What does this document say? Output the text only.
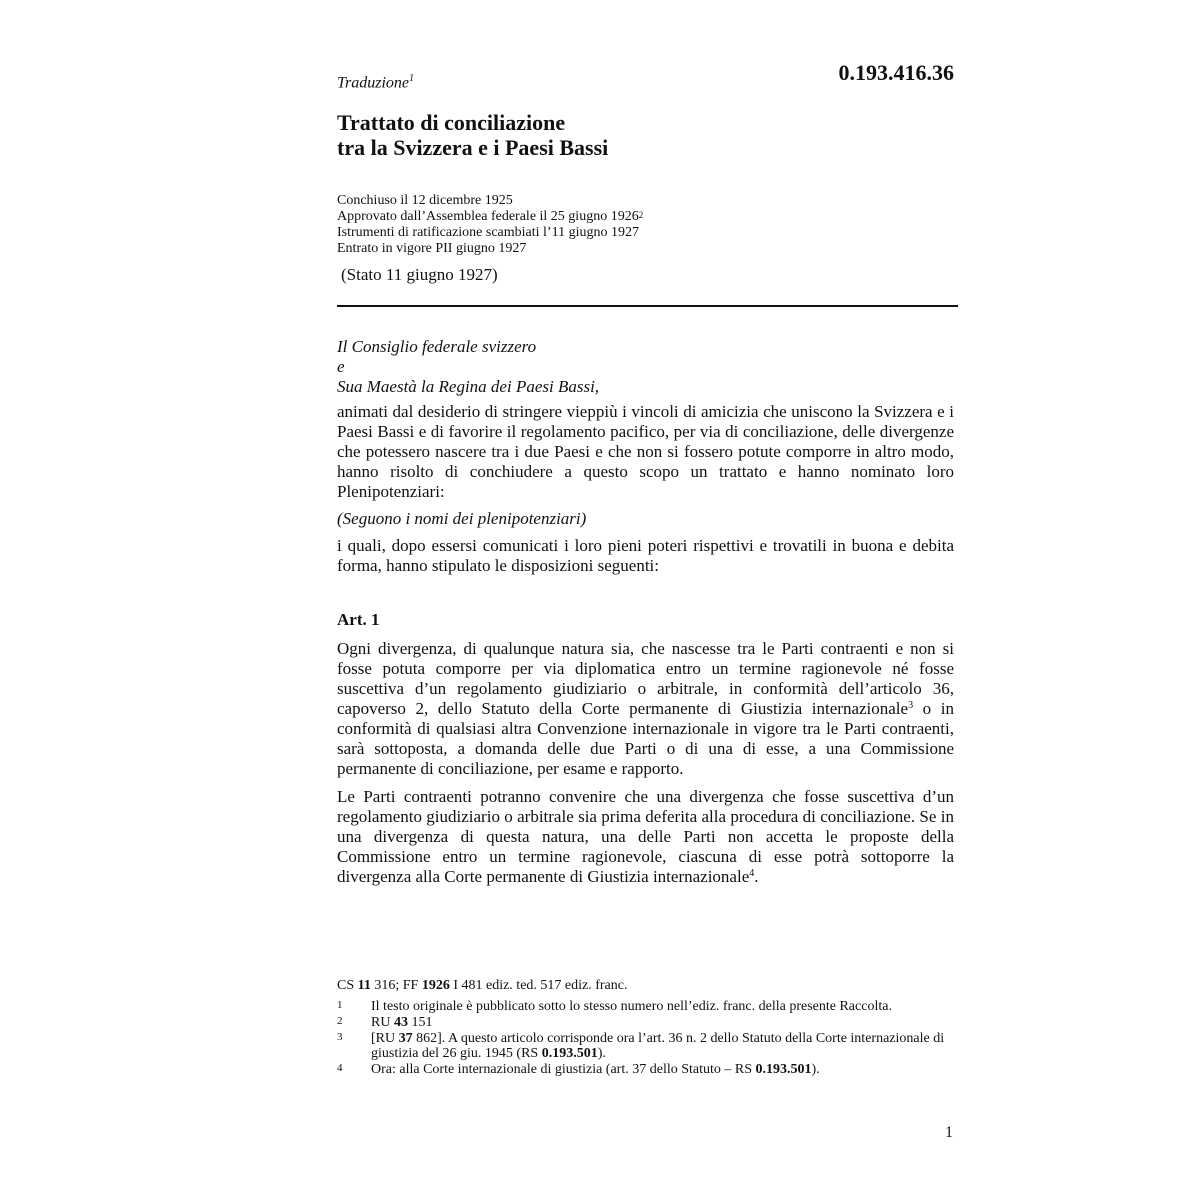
0.193.416.36
Traduzione$^1$
Trattato di conciliazione
tra la Svizzera e i Paesi Bassi
Conchiuso il 12 dicembre 1925
Approvato dall’Assemblea federale il 25 giugno 1926$^2$
Istrumenti di ratificazione scambiati l’11 giugno 1927
Entrato in vigore PII giugno 1927
(Stato 11 giugno 1927)
Il Consiglio federale svizzero
e
Sua Maestà la Regina dei Paesi Bassi,

animati dal desiderio di stringere vieppiù i vincoli di amicizia che uniscono la Svizzera e i Paesi Bassi e di favorire il regolamento pacifico, per via di conciliazione, delle divergenze che potessero nascere tra i due Paesi e che non si fossero potute comporre in altro modo, hanno risolto di conchiudere a questo scopo un trattato e hanno nominato loro Plenipotenziari:

(Seguono i nomi dei plenipotenziari)

i quali, dopo essersi comunicati i loro pieni poteri rispettivi e trovatili in buona e debita forma, hanno stipulato le disposizioni seguenti:

Art. 1

Ogni divergenza, di qualunque natura sia, che nascesse tra le Parti contraenti e non si fosse potuta comporre per via diplomatica entro un termine ragionevole né fosse suscettiva d’un regolamento giudiziario o arbitrale, in conformità dell’articolo 36, capoverso 2, dello Statuto della Corte permanente di Giustizia internazionale$^3$ o in conformità di qualsiasi altra Convenzione internazionale in vigore tra le Parti contraenti, sarà sottoposta, a domanda delle due Parti o di una di esse, a una Commissione permanente di conciliazione, per esame e rapporto.

Le Parti contraenti potranno convenire che una divergenza che fosse suscettiva d’un regolamento giudiziario o arbitrale sia prima deferita alla procedura di conciliazione. Se in una divergenza di questa natura, una delle Parti non accetta le proposte della Commissione entro un termine ragionevole, ciascuna di esse potrà sottoporre la divergenza alla Corte permanente di Giustizia internazionale$^4$.

CS 11 316; FF 1926 I 481 ediz. ted. 517 ediz. franc.
1	Il testo originale è pubblicato sotto lo stesso numero nell’ediz. franc. della presente Raccolta.
2	RU 43 151
3	[RU 37 862]. A questo articolo corrisponde ora l’art. 36 n. 2 dello Statuto della Corte internazionale di giustizia del 26 giu. 1945 (RS 0.193.501).
4	Ora: alla Corte internazionale di giustizia (art. 37 dello Statuto – RS 0.193.501).
1
